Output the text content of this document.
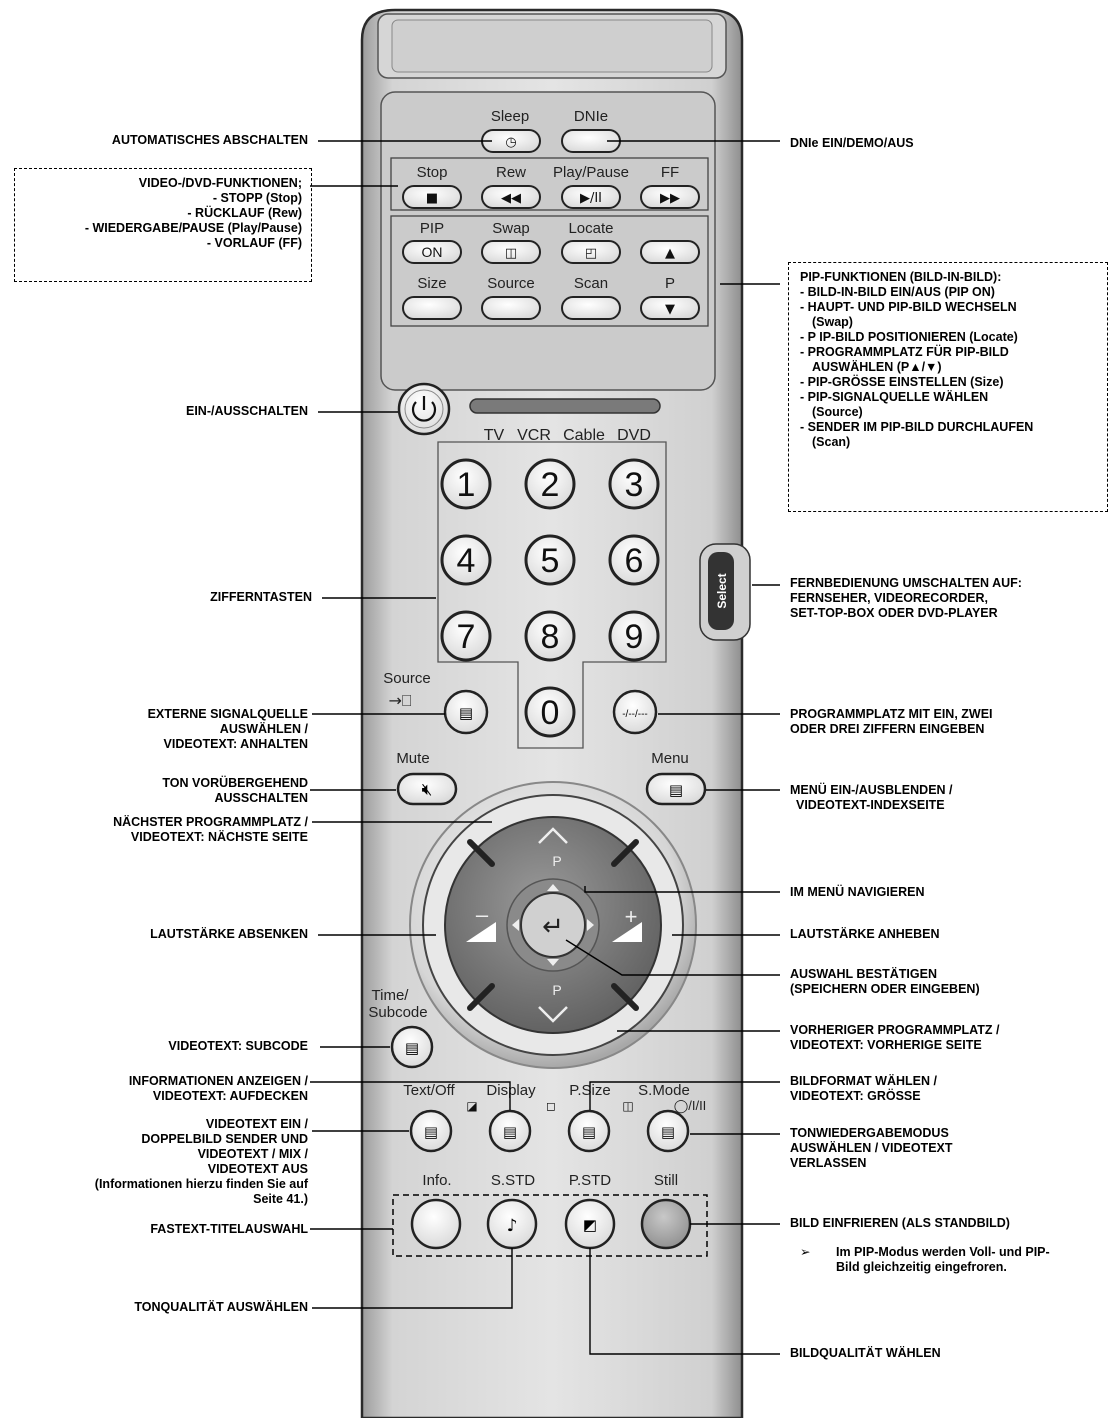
Sleep	DNIe
Stop	Rew Play/Pause FF
PIP	Swap	Locate
Size	Source	Scan	P
◷
■	◀◀	▶/II	▶▶
ON	◫	◰	▲
▼
TV VCR Cable DVD
1 2 3
4 5 6
7 8 9
0
Select
Source
→⎕
▤	-/--/---
Mute
🔇︎
Menu
▤
P
P
–	+
↵
Time/
Subcode
▤
Text/Off Display P.Size S.Mode
◯/I/II
▤	▤	▤	▤
◪	◻	◫
Info.	S.STD P.STD	Still
♪	◩
AUTOMATISCHES ABSCHALTEN
VIDEO-/DVD-FUNKTIONEN;
- STOPP (Stop)
- RÜCKLAUF (Rew)
- WIEDERGABE/PAUSE (Play/Pause)
- VORLAUF (FF)
EIN-/AUSSCHALTEN
ZIFFERNTASTEN
EXTERNE SIGNALQUELLE
AUSWÄHLEN /
VIDEOTEXT: ANHALTEN
TON VORÜBERGEHEND
AUSSCHALTEN
NÄCHSTER PROGRAMMPLATZ /
VIDEOTEXT: NÄCHSTE SEITE
LAUTSTÄRKE ABSENKEN
VIDEOTEXT: SUBCODE
INFORMATIONEN ANZEIGEN /
VIDEOTEXT: AUFDECKEN
VIDEOTEXT EIN /
DOPPELBILD SENDER UND
VIDEOTEXT / MIX /
VIDEOTEXT AUS
(Informationen hierzu finden Sie auf
Seite 41.)
FASTEXT-TITELAUSWAHL
TONQUALITÄT AUSWÄHLEN
DNIe EIN/DEMO/AUS
PIP-FUNKTIONEN (BILD-IN-BILD):
- BILD-IN-BILD EIN/AUS (PIP ON)
- HAUPT- UND PIP-BILD WECHSELN
(Swap)
- P IP-BILD POSITIONIEREN (Locate)
- PROGRAMMPLATZ FÜR PIP-BILD
AUSWÄHLEN (P▲/▼)
- PIP-GRÖSSE EINSTELLEN (Size)
- PIP-SIGNALQUELLE WÄHLEN
(Source)
- SENDER IM PIP-BILD DURCHLAUFEN
(Scan)
FERNBEDIENUNG UMSCHALTEN AUF:
FERNSEHER, VIDEORECORDER,
SET-TOP-BOX ODER DVD-PLAYER
PROGRAMMPLATZ MIT EIN, ZWEI
ODER DREI ZIFFERN EINGEBEN
MENÜ EIN-/AUSBLENDEN /
VIDEOTEXT-INDEXSEITE
IM MENÜ NAVIGIEREN
LAUTSTÄRKE ANHEBEN
AUSWAHL BESTÄTIGEN
(SPEICHERN ODER EINGEBEN)
VORHERIGER PROGRAMMPLATZ /
VIDEOTEXT: VORHERIGE SEITE
BILDFORMAT WÄHLEN /
VIDEOTEXT: GRÖSSE
TONWIEDERGABEMODUS
AUSWÄHLEN / VIDEOTEXT
VERLASSEN
BILD EINFRIEREN (ALS STANDBILD)
➢ Im PIP-Modus werden Voll- und PIP-
Bild gleichzeitig eingefroren.
BILDQUALITÄT WÄHLEN
